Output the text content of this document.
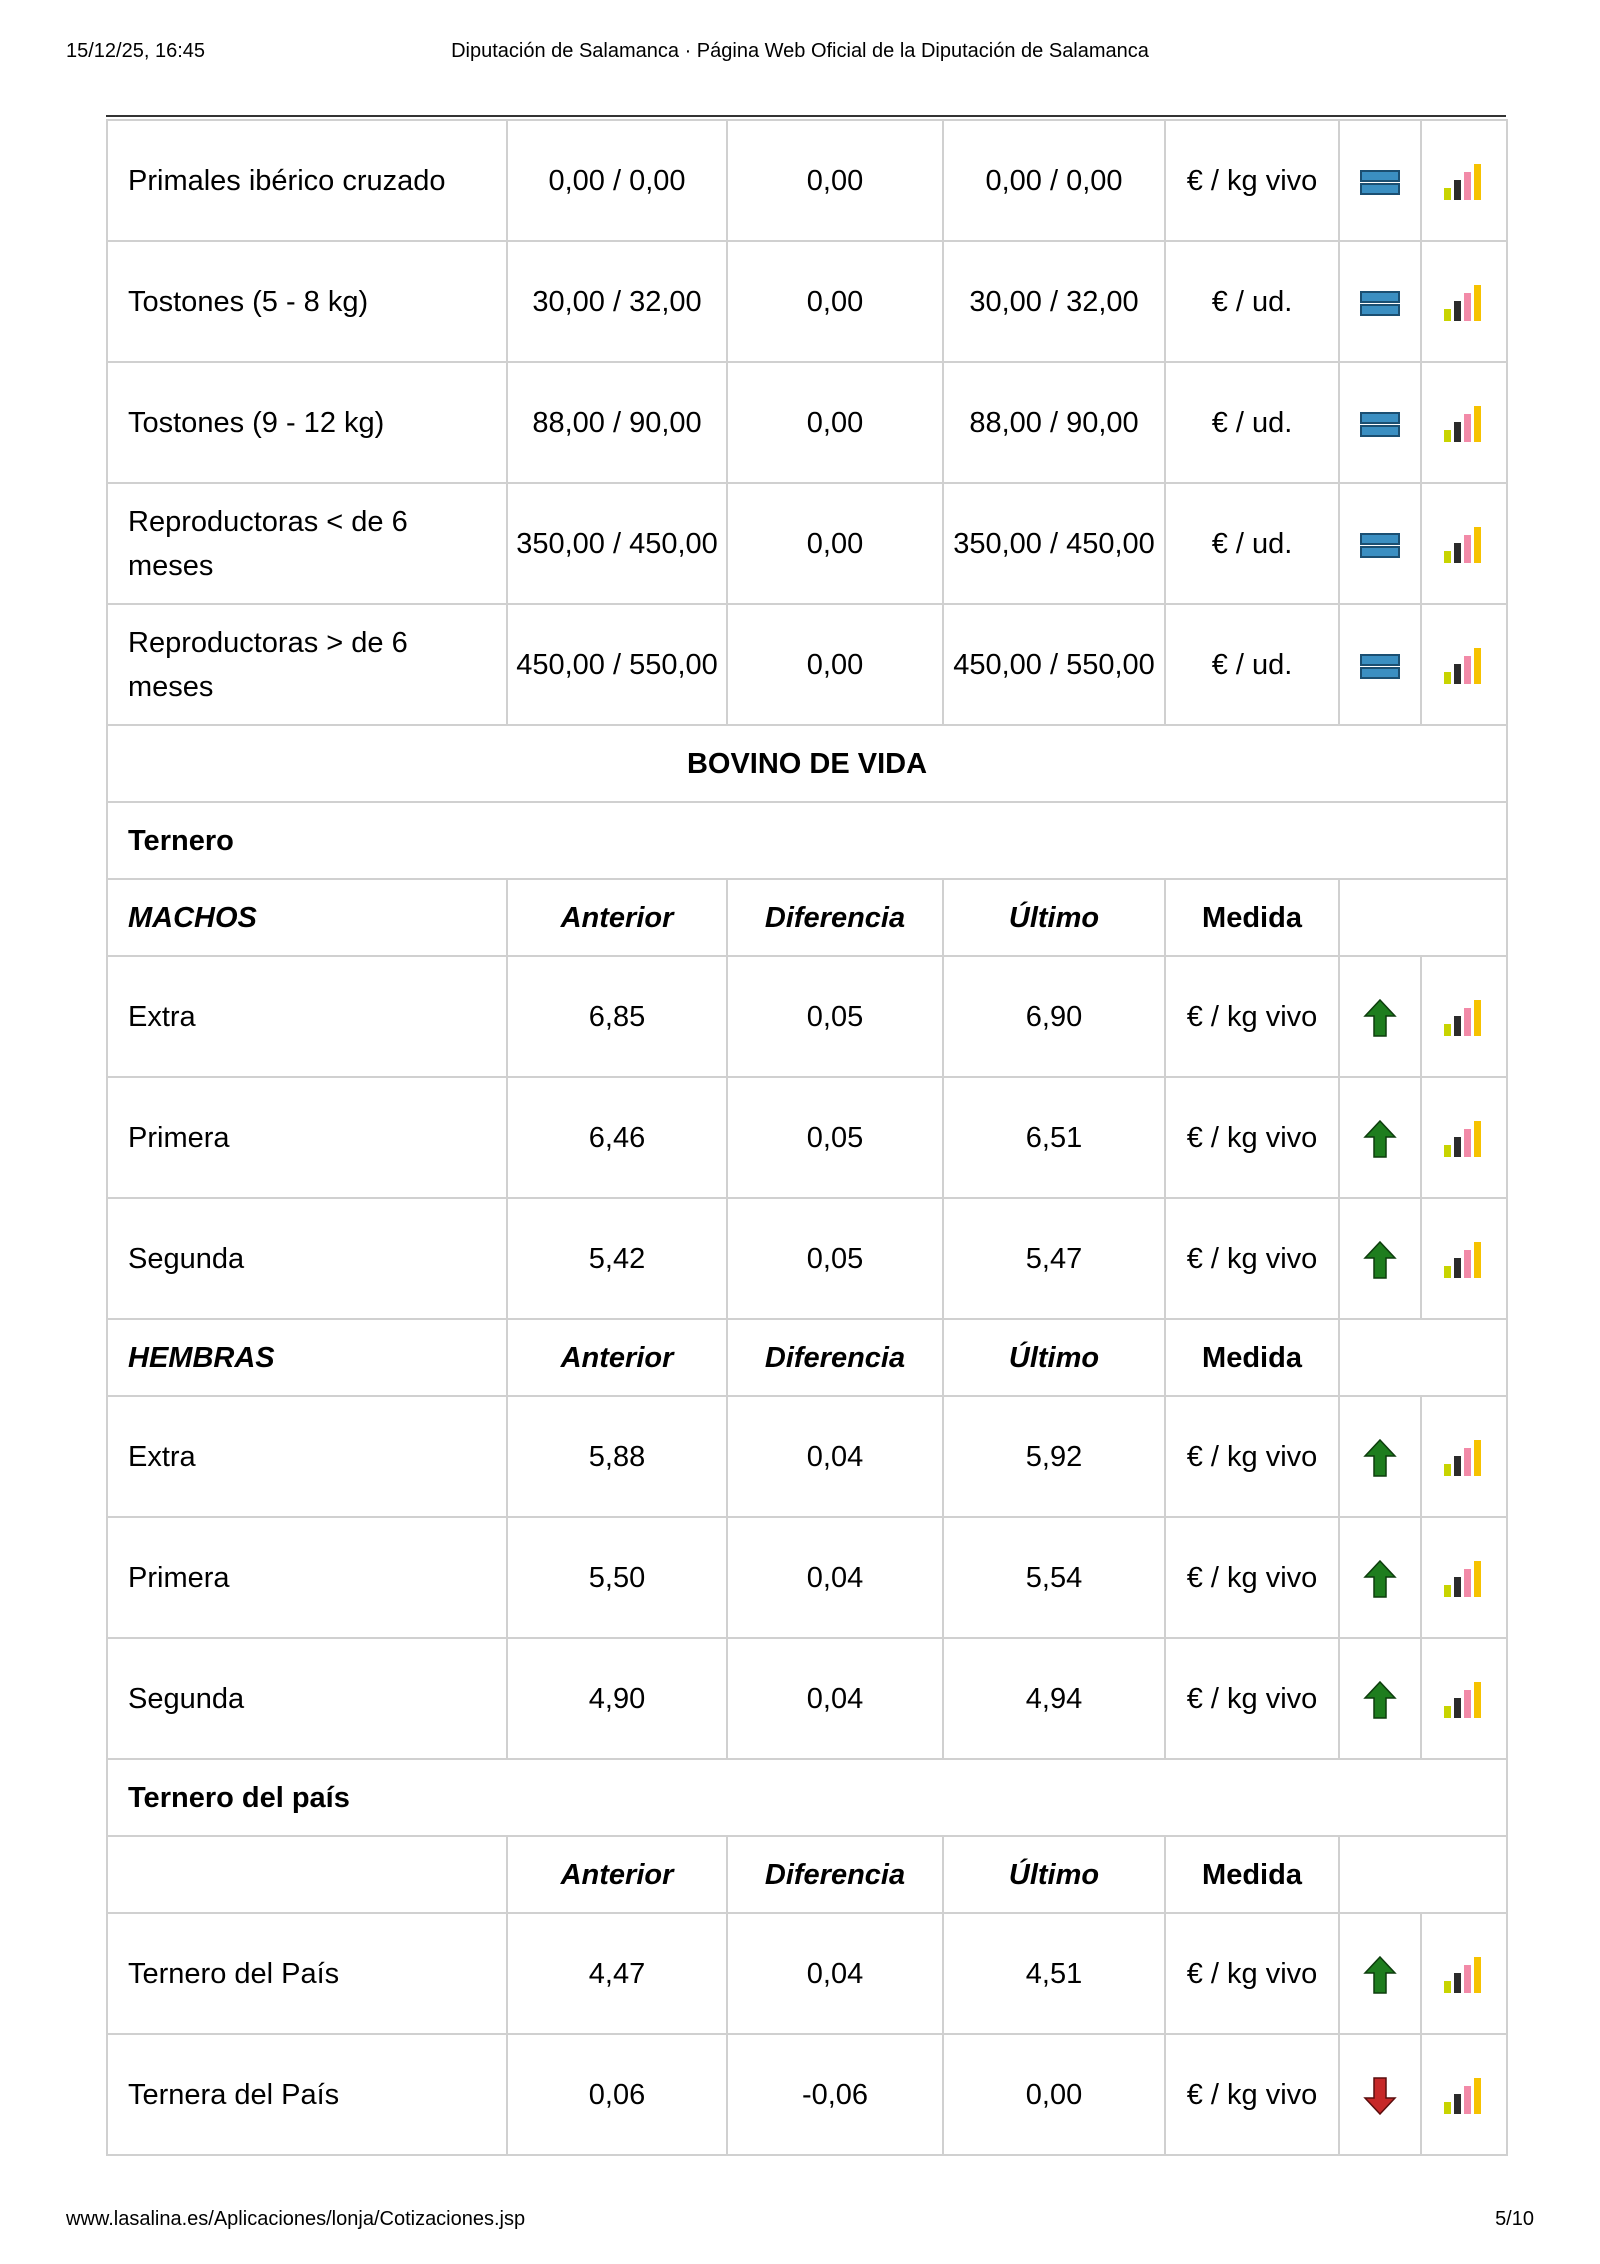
15/12/25, 16:45	Diputación de Salamanca · Página Web Oficial de la Diputación de Salamanca
Primales ibérico cruzado	0,00 / 0,00	0,00	0,00 / 0,00	€ / kg vivo		
Tostones (5 - 8 kg)	30,00 / 32,00	0,00	30,00 / 32,00	€ / ud.		
Tostones (9 - 12 kg)	88,00 / 90,00	0,00	88,00 / 90,00	€ / ud.		
Reproductoras < de 6 meses	350,00 / 450,00	0,00	350,00 / 450,00	€ / ud.		
Reproductoras > de 6 meses	450,00 / 550,00	0,00	450,00 / 550,00	€ / ud.		
BOVINO DE VIDA						
Ternero						
MACHOS	Anterior	Diferencia	Último	Medida		
Extra	6,85	0,05	6,90	€ / kg vivo		
Primera	6,46	0,05	6,51	€ / kg vivo		
Segunda	5,42	0,05	5,47	€ / kg vivo		
HEMBRAS	Anterior	Diferencia	Último	Medida		
Extra	5,88	0,04	5,92	€ / kg vivo		
Primera	5,50	0,04	5,54	€ / kg vivo		
Segunda	4,90	0,04	4,94	€ / kg vivo		
Ternero del país						
	Anterior	Diferencia	Último	Medida		
Ternero del País	4,47	0,04	4,51	€ / kg vivo		
Ternera del País	0,06	-0,06	0,00	€ / kg vivo		
www.lasalina.es/Aplicaciones/lonja/Cotizaciones.jsp	5/10
